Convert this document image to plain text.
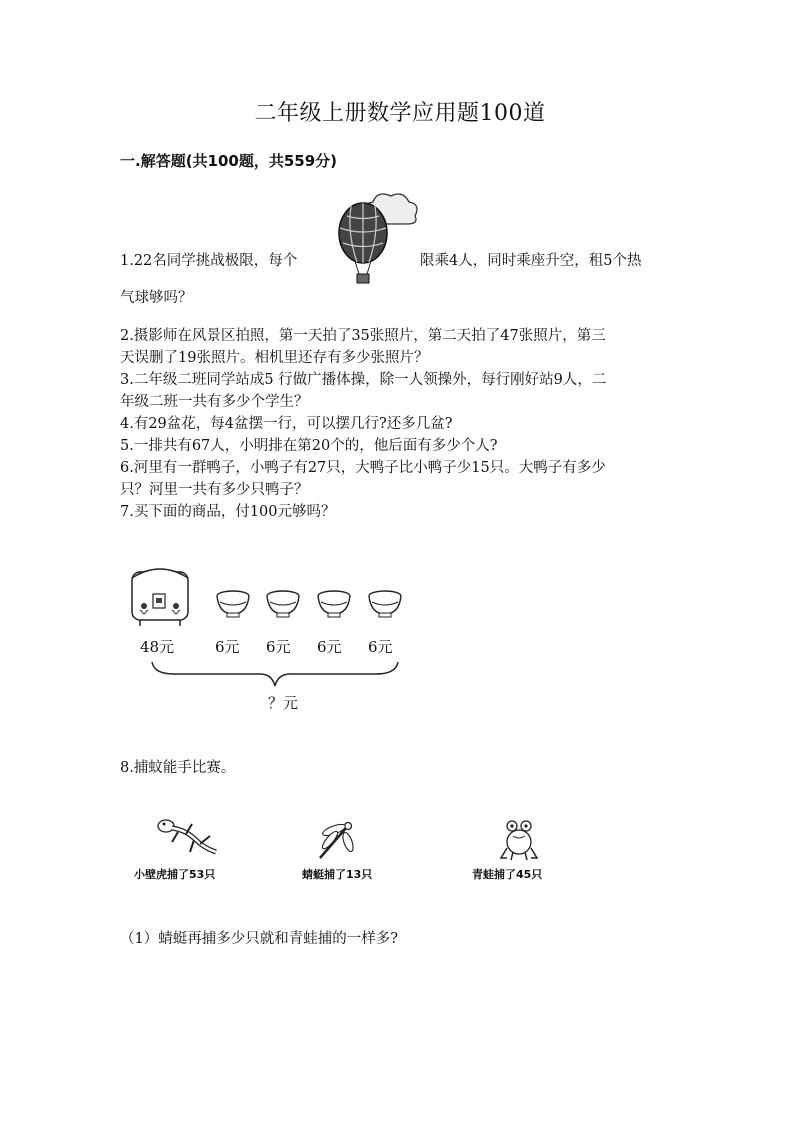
二年级上册数学应用题100道
一.解答题(共100题，共559分)
1.22名同学挑战极限，每个	限乘4人，同时乘座升空，租5个热
气球够吗？
2.摄影师在风景区拍照，第一天拍了35张照片，第二天拍了47张照片，第三
天误删了19张照片。相机里还存有多少张照片？
3.二年级二班同学站成5 行做广播体操，除一人领操外，每行刚好站9人，二
年级二班一共有多少个学生？
4.有29盆花，每4盆摆一行，可以摆几行?还多几盆?
5.一排共有67人，小明排在第20个的，他后面有多少个人?
6.河里有一群鸭子，小鸭子有27只，大鸭子比小鸭子少15只。大鸭子有多少
只？河里一共有多少只鸭子？
7.买下面的商品，付100元够吗？
48元	6元 6元 6元 6元
？元
8.捕蚊能手比赛。
小壁虎捕了53只	蜻蜓捕了13只	青蛙捕了45只
（1）蜻蜓再捕多少只就和青蛙捕的一样多?
